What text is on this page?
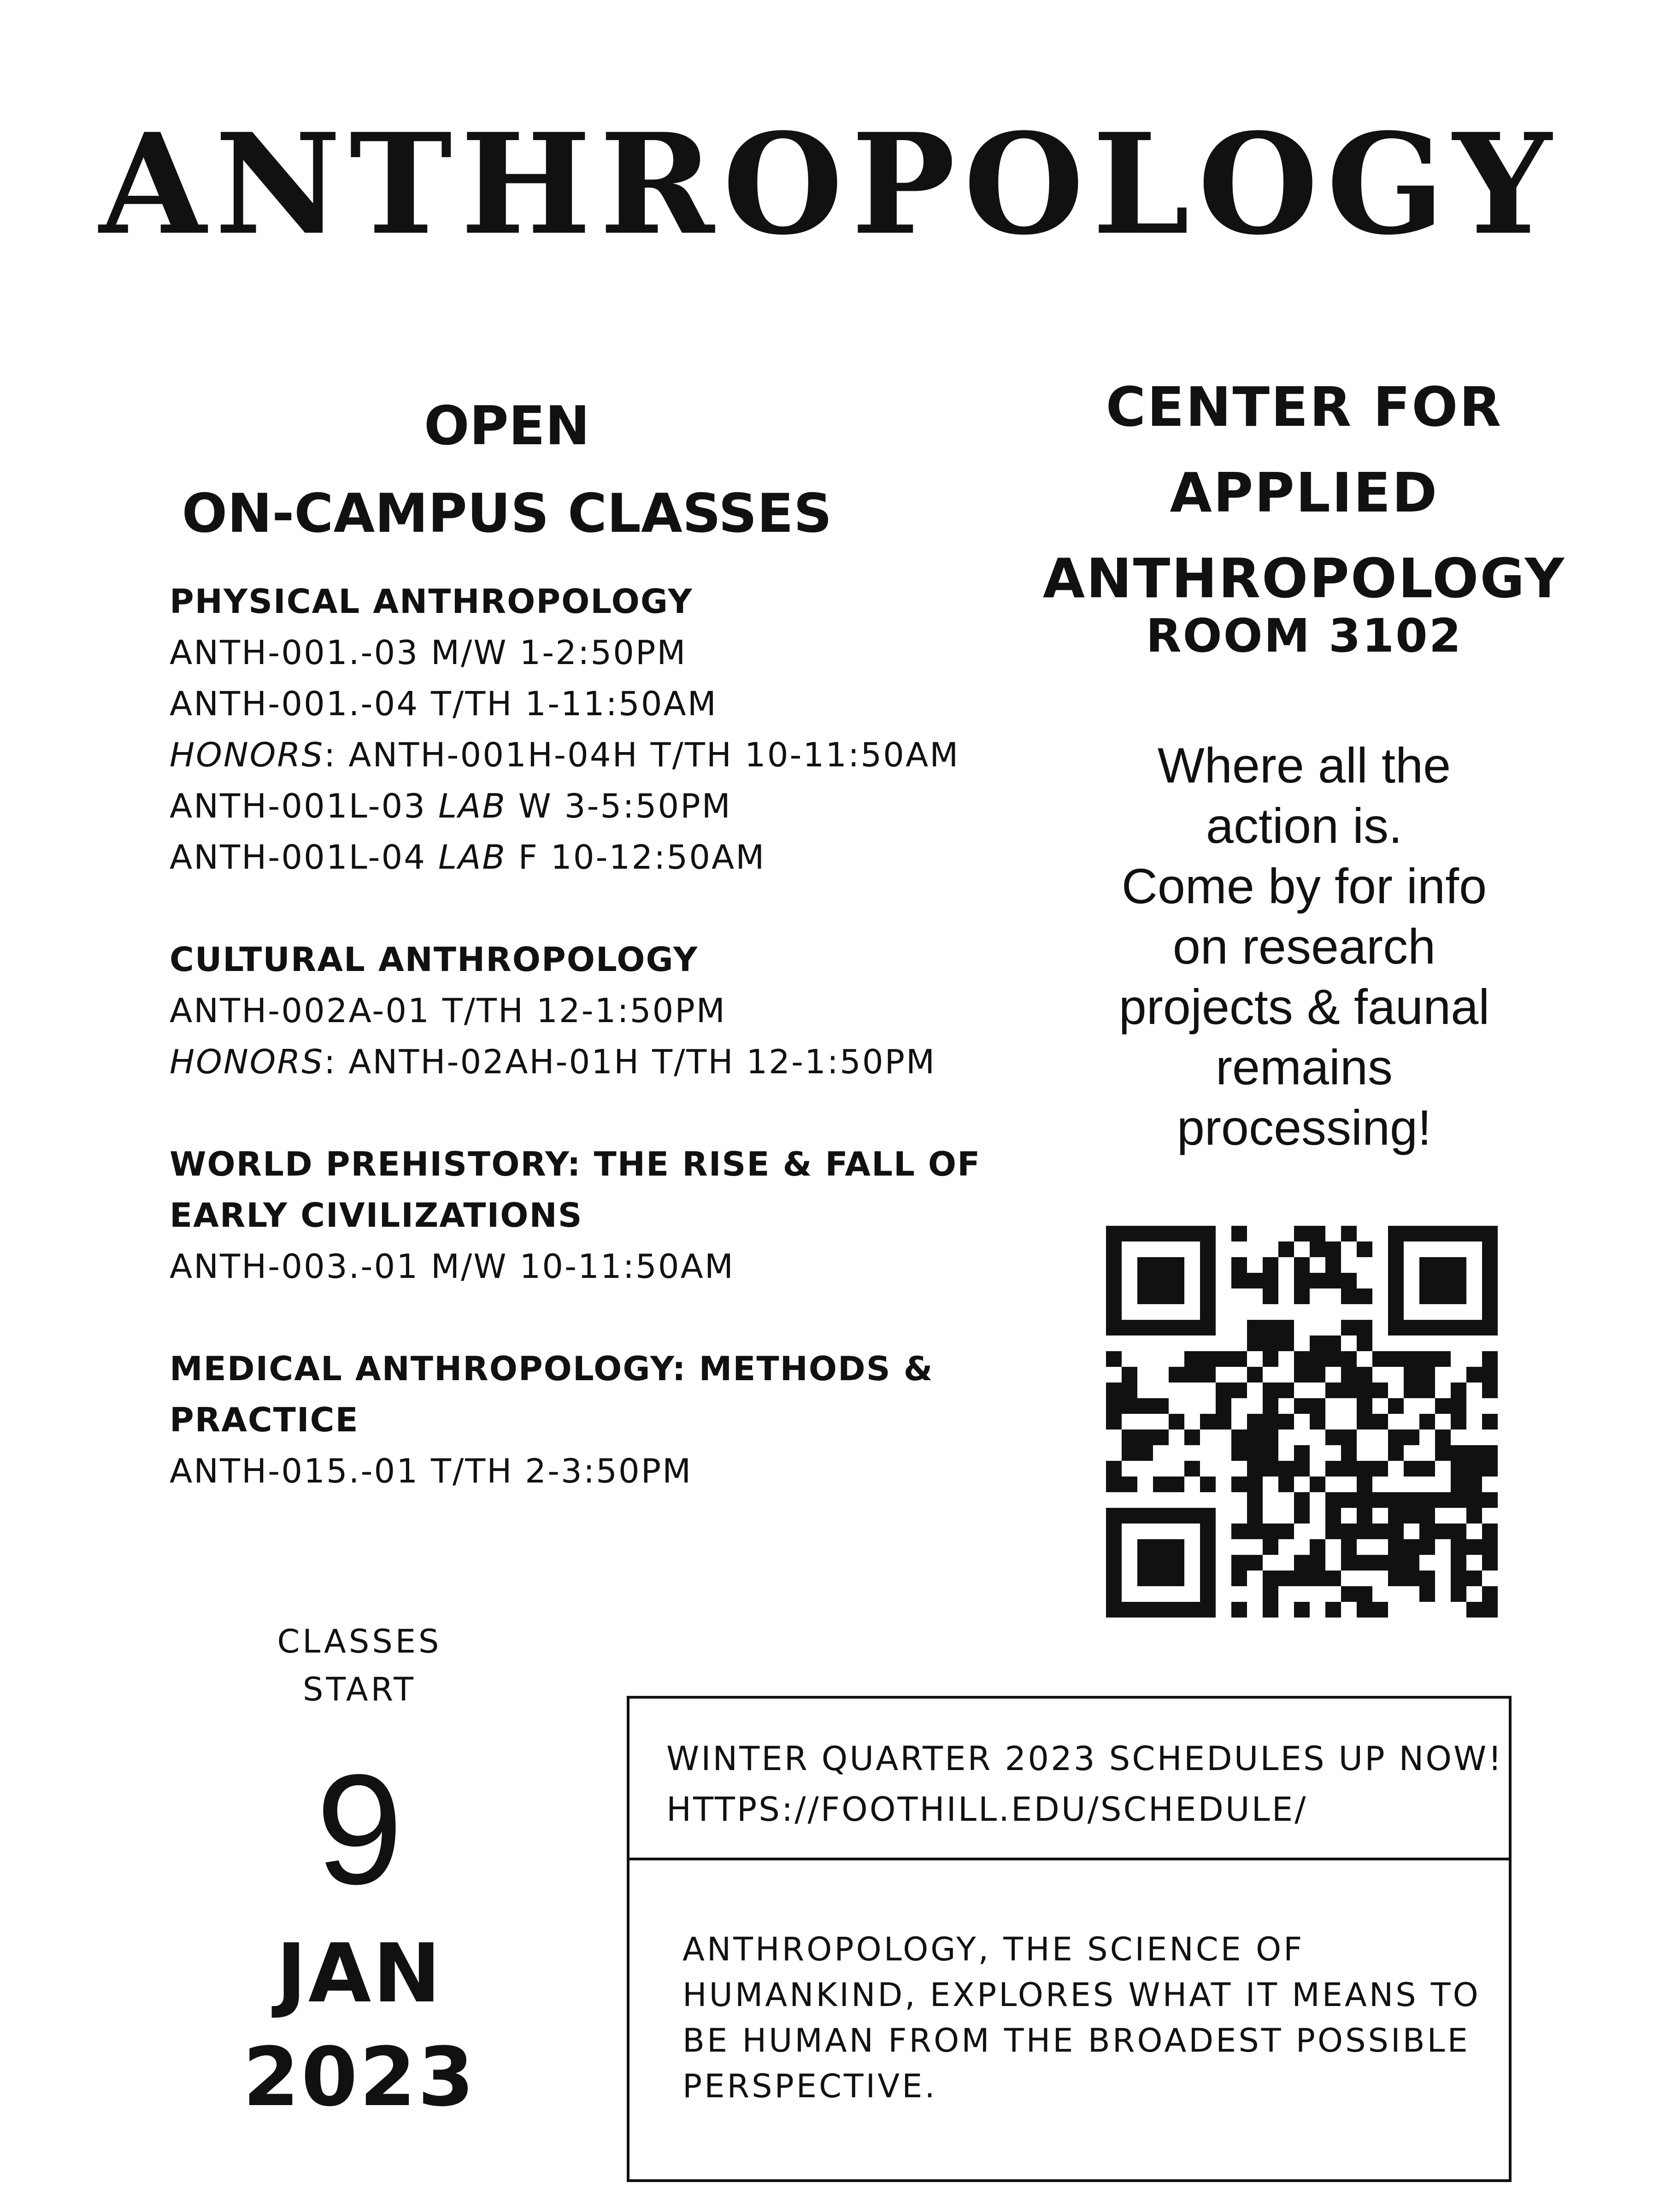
ANTHROPOLOGY
OPEN
ON-CAMPUS CLASSES
PHYSICAL ANTHROPOLOGY
ANTH-001.-03 M/W 1-2:50PM
ANTH-001.-04 T/TH 1-11:50AM
HONORS: ANTH-001H-04H T/TH 10-11:50AM
ANTH-001L-03 LAB W 3-5:50PM
ANTH-001L-04 LAB F 10-12:50AM
CULTURAL ANTHROPOLOGY
ANTH-002A-01 T/TH 12-1:50PM
HONORS: ANTH-02AH-01H T/TH 12-1:50PM
WORLD PREHISTORY: THE RISE & FALL OF
EARLY CIVILIZATIONS
ANTH-003.-01 M/W 10-11:50AM
MEDICAL ANTHROPOLOGY: METHODS &
PRACTICE
ANTH-015.-01 T/TH 2-3:50PM
CENTER FOR
APPLIED
ANTHROPOLOGY
ROOM 3102
Where all the
action is.
Come by for info
on research
projects & faunal
remains
processing!
CLASSES
START
9
JAN
2023
WINTER QUARTER 2023 SCHEDULES UP NOW!
HTTPS://FOOTHILL.EDU/SCHEDULE/
ANTHROPOLOGY, THE SCIENCE OF HUMANKIND, EXPLORES WHAT IT MEANS TO BE HUMAN FROM THE BROADEST POSSIBLE PERSPECTIVE.
